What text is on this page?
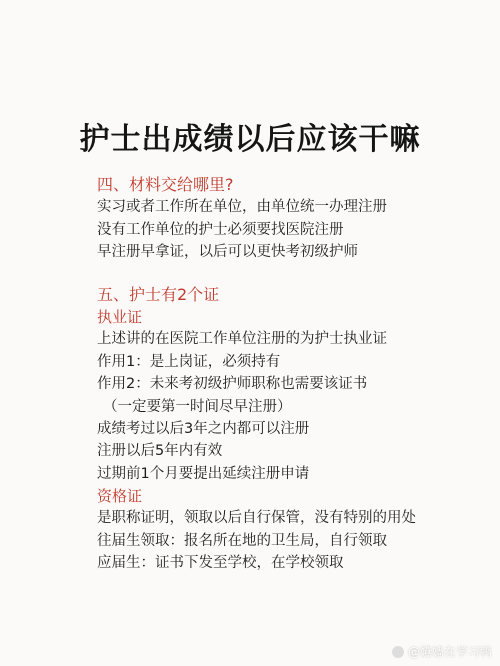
护士出成绩以后应该干嘛
四、材料交给哪里?
实习或者工作所在单位，由单位统一办理注册
没有工作单位的护士必须要找医院注册
早注册早拿证，以后可以更快考初级护师
五、护士有2个证
执业证
上述讲的在医院工作单位注册的为护士执业证
作用1：是上岗证，必须持有
作用2：未来考初级护师职称也需要该证书
（一定要第一时间尽早注册）
成绩考过以后3年之内都可以注册
注册以后5年内有效
过期前1个月要提出延续注册申请
资格证
是职称证明，领取以后自行保管，没有特别的用处
往届生领取：报名所在地的卫生局，自行领取
应届生：证书下发至学校，在学校领取
@嬿嫱在学习鸭
